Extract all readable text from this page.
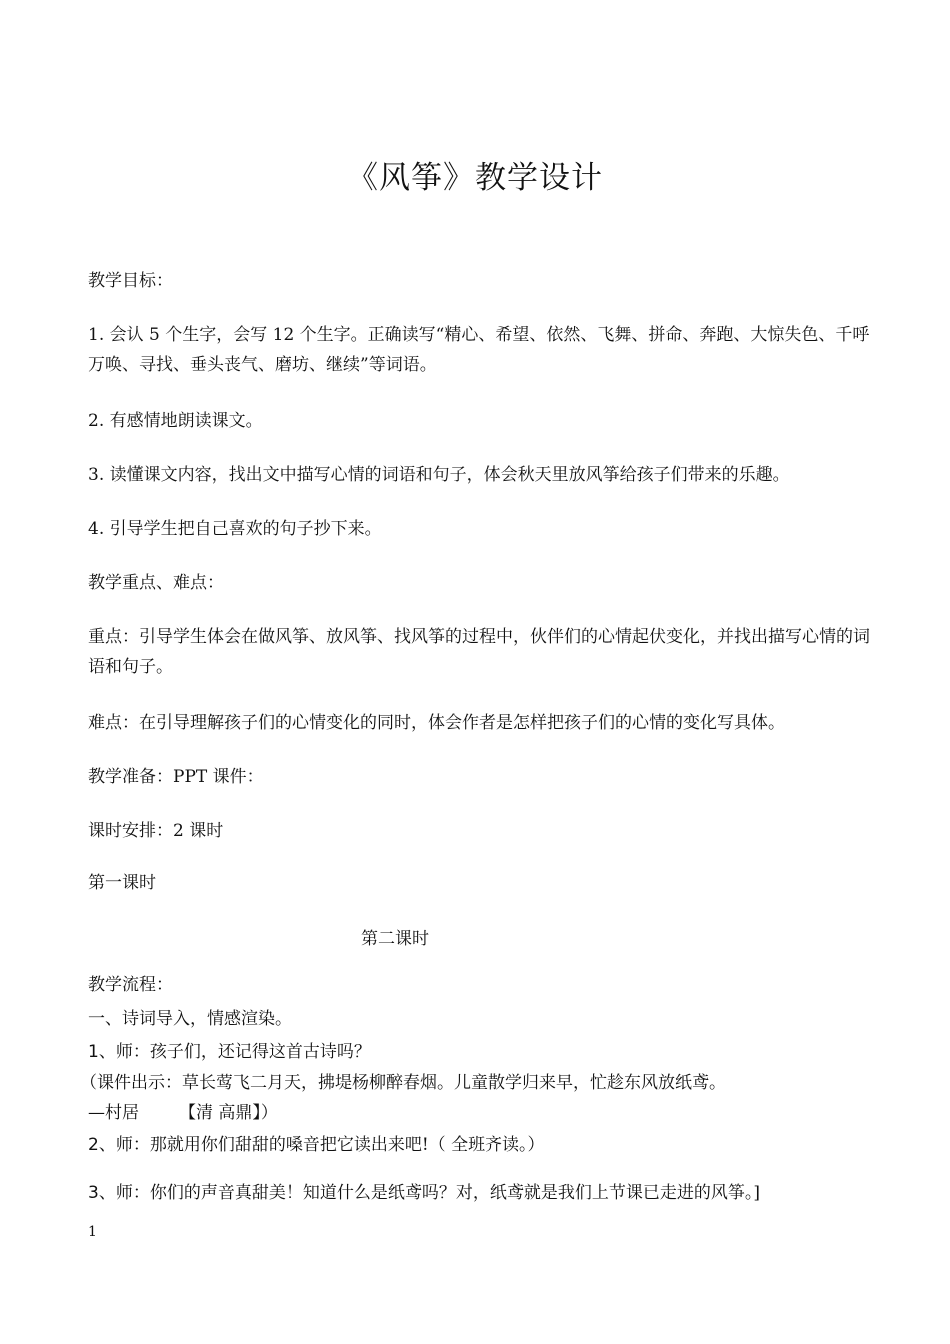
《风筝》教学设计
教学目标：
1. 会认 5 个生字，会写 12 个生字。正确读写“精心、希望、依然、飞舞、拼命、奔跑、大惊失色、千呼万唤、寻找、垂头丧气、磨坊、继续”等词语。
2. 有感情地朗读课文。
3. 读懂课文内容，找出文中描写心情的词语和句子，体会秋天里放风筝给孩子们带来的乐趣。
4. 引导学生把自己喜欢的句子抄下来。
教学重点、难点：
重点：引导学生体会在做风筝、放风筝、找风筝的过程中，伙伴们的心情起伏变化，并找出描写心情的词语和句子。
难点：在引导理解孩子们的心情变化的同时，体会作者是怎样把孩子们的心情的变化写具体。
教学准备：PPT 课件：
课时安排：2 课时
第一课时
第二课时
教学流程：
一、诗词导入，情感渲染。
1、师：孩子们，还记得这首古诗吗？
（课件出示：草长莺飞二月天，拂堤杨柳醉春烟。儿童散学归来早，忙趁东风放纸鸢。
—村居 【清 高鼎】）
2、师：那就用你们甜甜的嗓音把它读出来吧!（ 全班齐读。）
3、师：你们的声音真甜美！知道什么是纸鸢吗？对，纸鸢就是我们上节课已走进的风筝。]
1
